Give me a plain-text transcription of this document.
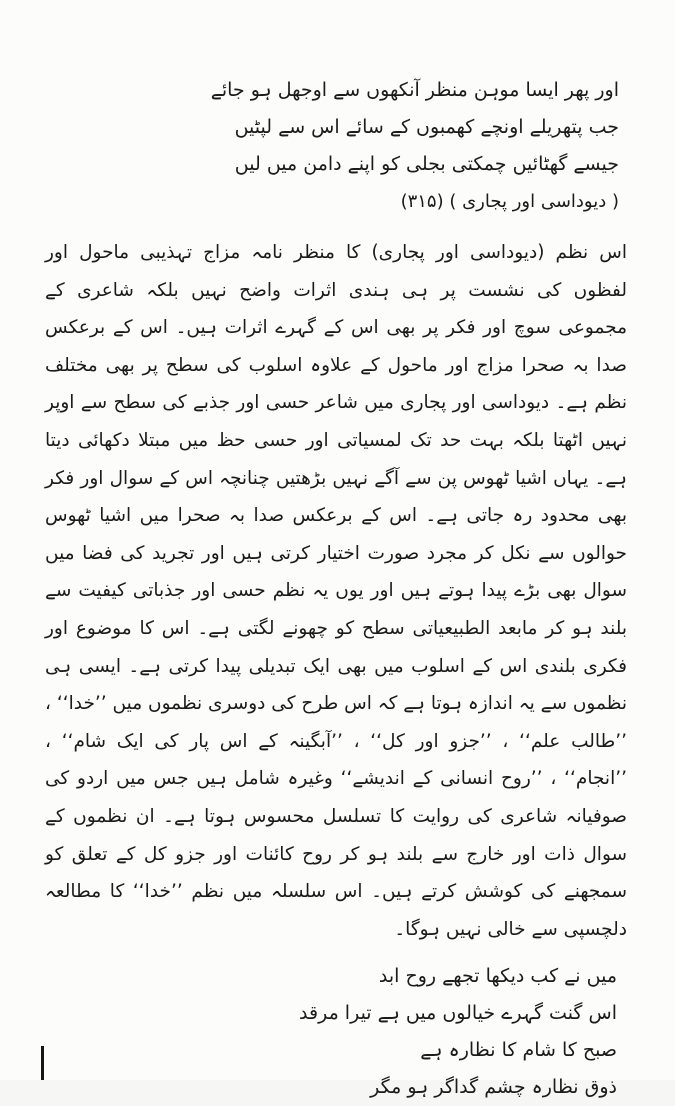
اور پھر ایسا موہن منظر آنکھوں سے اوجھل ہو جائے
جب پتھریلے اونچے کھمبوں کے سائے اس سے لپٹیں
جیسے گھٹائیں چمکتی بجلی کو اپنے دامن میں لیں
( دیوداسی اور پجاری ) (۳۱۵)

اس نظم (دیوداسی اور پجاری) کا منظر نامہ مزاج تہذیبی ماحول اور لفظوں کی نشست پر ہی ہندی اثرات واضح نہیں بلکہ شاعری کے مجموعی سوچ اور فکر پر بھی اس کے گہرے اثرات ہیں۔ اس کے برعکس صدا بہ صحرا مزاج اور ماحول کے علاوہ اسلوب کی سطح پر بھی مختلف نظم ہے۔ دیوداسی اور پجاری میں شاعر حسی اور جذبے کی سطح سے اوپر نہیں اٹھتا بلکہ بہت حد تک لمسیاتی اور حسی حظ میں مبتلا دکھائی دیتا ہے۔ یہاں اشیا ٹھوس پن سے آگے نہیں بڑھتیں چنانچہ اس کے سوال اور فکر بھی محدود رہ جاتی ہے۔ اس کے برعکس صدا بہ صحرا میں اشیا ٹھوس حوالوں سے نکل کر مجرد صورت اختیار کرتی ہیں اور تجرید کی فضا میں سوال بھی بڑے پیدا ہوتے ہیں اور یوں یہ نظم حسی اور جذباتی کیفیت سے بلند ہو کر مابعد الطبیعیاتی سطح کو چھونے لگتی ہے۔ اس کا موضوع اور فکری بلندی اس کے اسلوب میں بھی ایک تبدیلی پیدا کرتی ہے۔ ایسی ہی نظموں سے یہ اندازہ ہوتا ہے کہ اس طرح کی دوسری نظموں میں ’’خدا‘‘ ، ’’طالب علم‘‘ ، ’’جزو اور کل‘‘ ، ’’آبگینہ کے اس پار کی ایک شام‘‘ ، ’’انجام‘‘ ، ’’روح انسانی کے اندیشے‘‘ وغیرہ شامل ہیں جس میں اردو کی صوفیانہ شاعری کی روایت کا تسلسل محسوس ہوتا ہے۔ ان نظموں کے سوال ذات اور خارج سے بلند ہو کر روح کائنات اور جزو کل کے تعلق کو سمجھنے کی کوشش کرتے ہیں۔ اس سلسلہ میں نظم ’’خدا‘‘ کا مطالعہ دلچسپی سے خالی نہیں ہوگا۔

میں نے کب دیکھا تجھے روح ابد
اس گنت گہرے خیالوں میں ہے تیرا مرقد
صبح کا شام کا نظارہ ہے
ذوق نظارہ چشم گداگر ہو مگر
